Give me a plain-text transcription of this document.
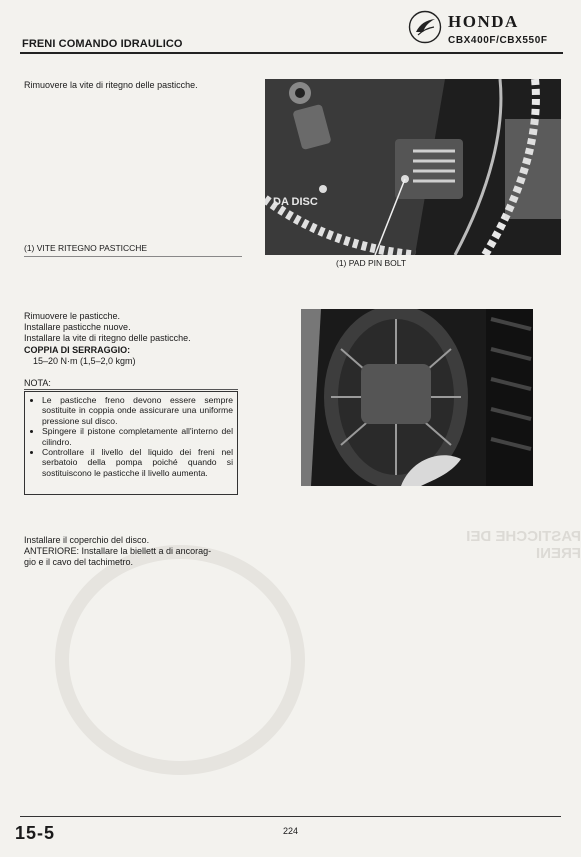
PASTICCHE DEI FRENI
FRENI COMANDO IDRAULICO
HONDA
CBX400F/CBX550F
Rimuovere la vite di ritegno delle pasticche.
DA DISC
(1) VITE RITEGNO PASTICCHE
(1) PAD PIN BOLT
Rimuovere le pasticche.
Installare pasticche nuove.
Installare la vite di ritegno delle pasticche.
COPPIA DI SERRAGGIO:
15–20 N·m (1,5–2,0 kgm)
NOTA:
• Le pasticche freno devono essere sempre sostituite in coppia onde assicurare una uniforme pressione sul disco.
• Spingere il pistone completamente all'interno del cilindro.
• Controllare il livello del liquido dei freni nel serbatoio della pompa poiché quando si sostituiscono le pasticche il livello aumenta.
Installare il coperchio del disco.
ANTERIORE: Installare la biellett a di ancorag-
gio e il cavo del tachimetro.
15-5	224
